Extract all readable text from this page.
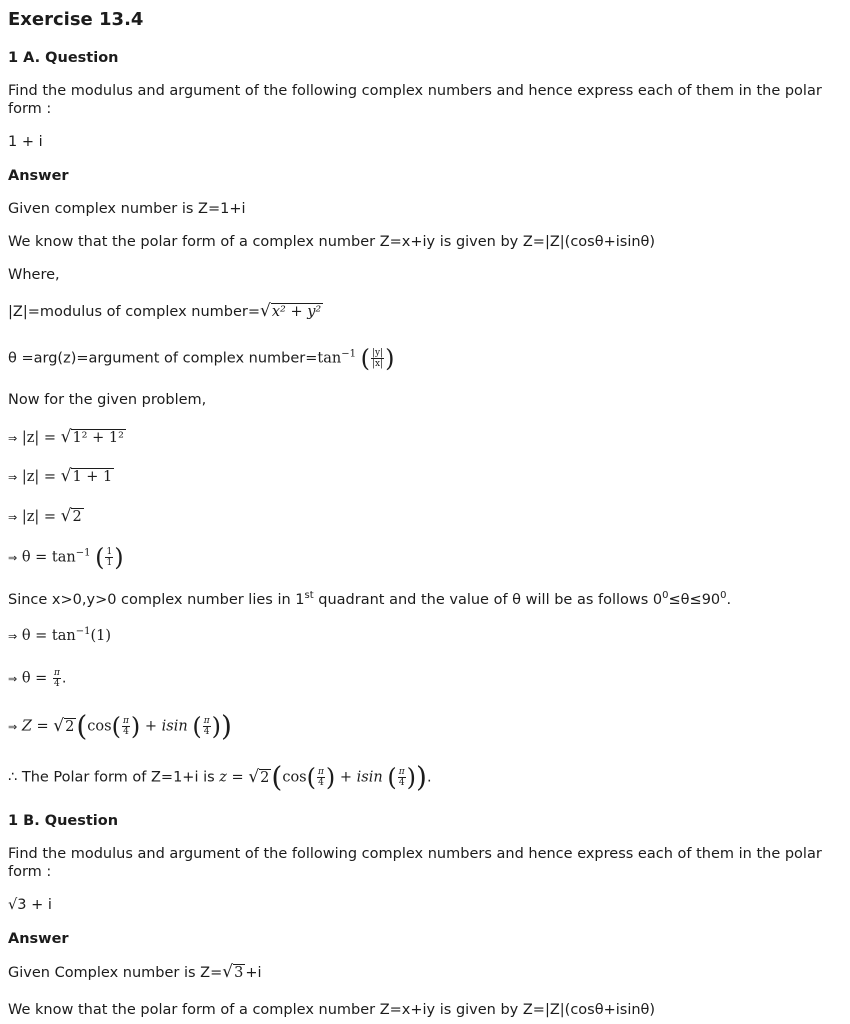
Exercise 13.4
1 A. Question
Find the modulus and argument of the following complex numbers and hence express each of them in the polar form :
1 + i
Answer
Given complex number is Z=1+i
We know that the polar form of a complex number Z=x+iy is given by Z=|Z|(cosθ+isinθ)
Where,
|Z|=modulus of complex number=√x² + y²
θ =arg(z)=argument of complex $number=\tan^{-1}$ ( $\frac{|y|}{|x|}$ )
Now for the given problem,
⇒ |z| = √1² + 1²
⇒ |z| = √1 + 1
⇒ |z| = √2
⇒ $\theta = \tan^{-1}$ ( $\frac{1}{1}$ )
Since x>0,y>0 complex number lies in 1st quadrant and the value of θ will be as follows $0^0\le\theta\le 90^0$.
⇒ $\theta = \tan^{-1}(1)$
⇒ $\theta = \frac{\pi}{4}$ .
⇒ $Z = √2(\cos( \frac{\pi}{4}$ ) + isin ( $\frac{\pi}{4}$ ))
∴ The Polar form of Z=1+i is $z = √2(\cos( \frac{\pi}{4}$ ) + isin ( $\frac{\pi}{4}$ )).
1 B. Question
Find the modulus and argument of the following complex numbers and hence express each of them in the polar form :
√3 + i
Answer
Given Complex number is Z=√3 +i
We know that the polar form of a complex number Z=x+iy is given by Z=|Z|(cosθ+isinθ)
